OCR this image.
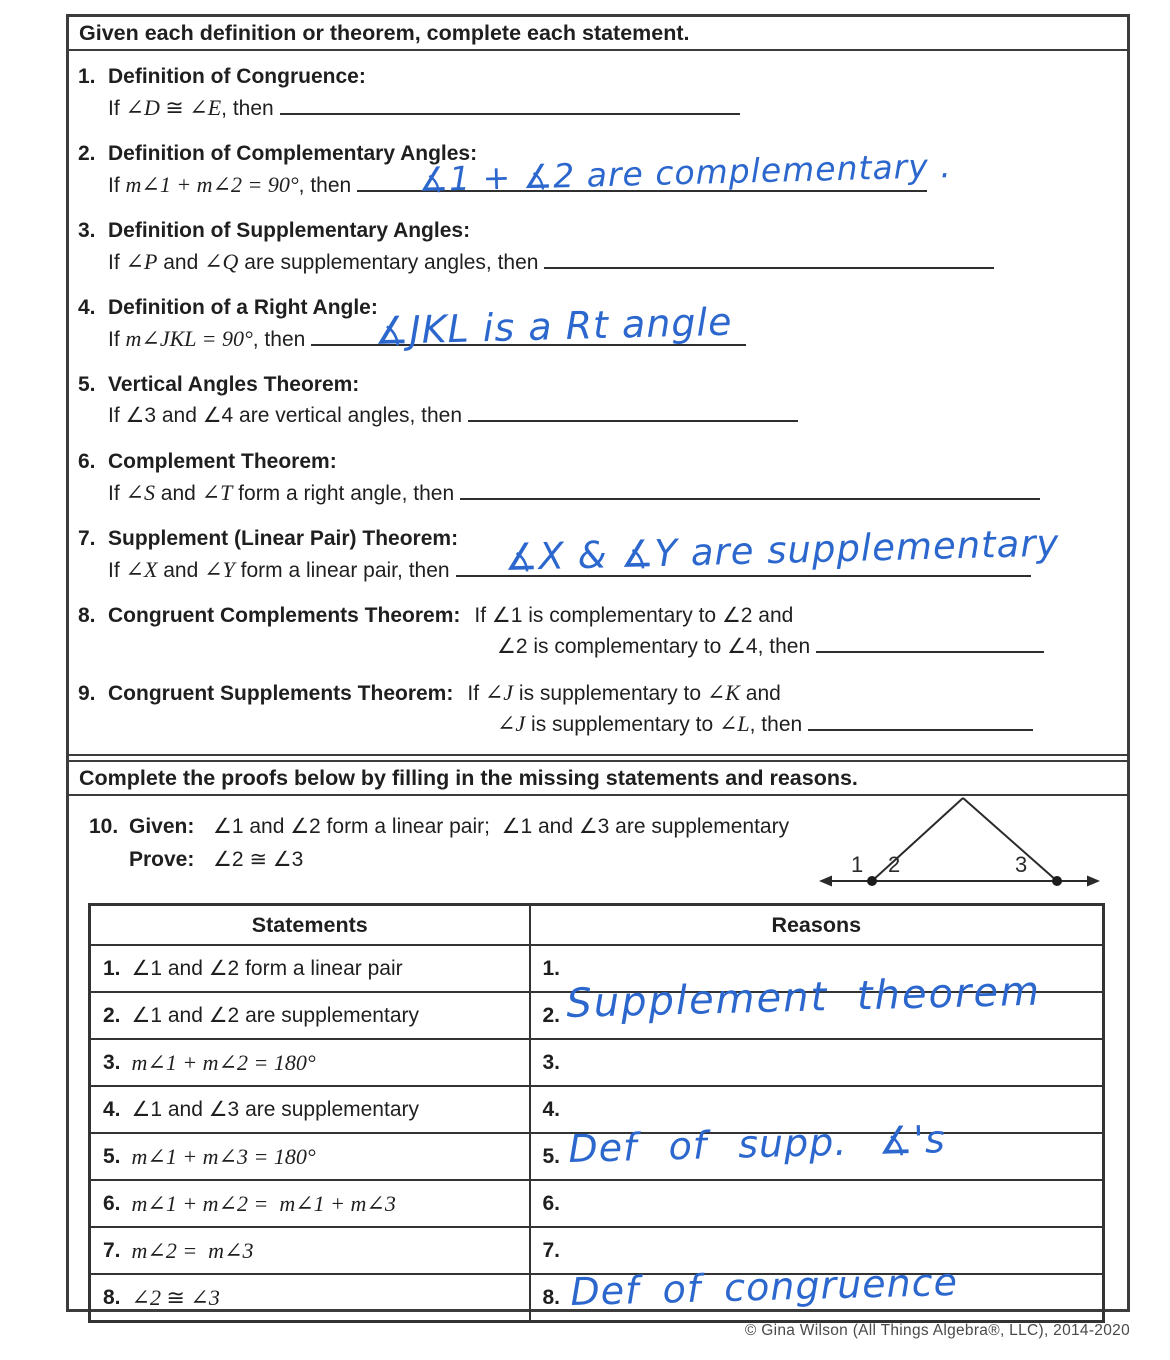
Given each definition or theorem, complete each statement.
1. Definition of Congruence:
If ∠D ≅ ∠E, then
2. Definition of Complementary Angles:
If m∠1 + m∠2 = 90°, then	∡1 + ∡2 are complementary .
3. Definition of Supplementary Angles:
If ∠P and ∠Q are supplementary angles, then
4. Definition of a Right Angle:
If m∠JKL = 90°, then	∡JKL is a Rt angle
5. Vertical Angles Theorem:
If ∠3 and ∠4 are vertical angles, then
6. Complement Theorem:
If ∠S and ∠T form a right angle, then
7. Supplement (Linear Pair) Theorem:
If ∠X and ∠Y form a linear pair, then	∡X & ∡Y are supplementary
8. Congruent Complements Theorem: If ∠1 is complementary to ∠2 and
∠2 is complementary to ∠4, then
9. Congruent Supplements Theorem: If ∠J is supplementary to ∠K and
∠J is supplementary to ∠L, then
Complete the proofs below by filling in the missing statements and reasons.
10. Given: ∠1 and ∠2 form a linear pair;  ∠1 and ∠3 are supplementary
Prove: ∠2 ≅ ∠3	1 2	3
Statements	Reasons

1. ∠1 and ∠2 form a linear pair	1.

2. ∠1 and ∠2 are supplementary	2. Supplement theorem

3. m∠1 + m∠2 = 180°	3.

4. ∠1 and ∠3 are supplementary	4.

5. m∠1 + m∠3 = 180°	5. Def of supp. ∡'s

6. m∠1 + m∠2 =  m∠1 + m∠3	6.

7. m∠2 =  m∠3	7.

8. ∠2 ≅ ∠3	8. Def of congruence
© Gina Wilson (All Things Algebra®, LLC), 2014-2020
